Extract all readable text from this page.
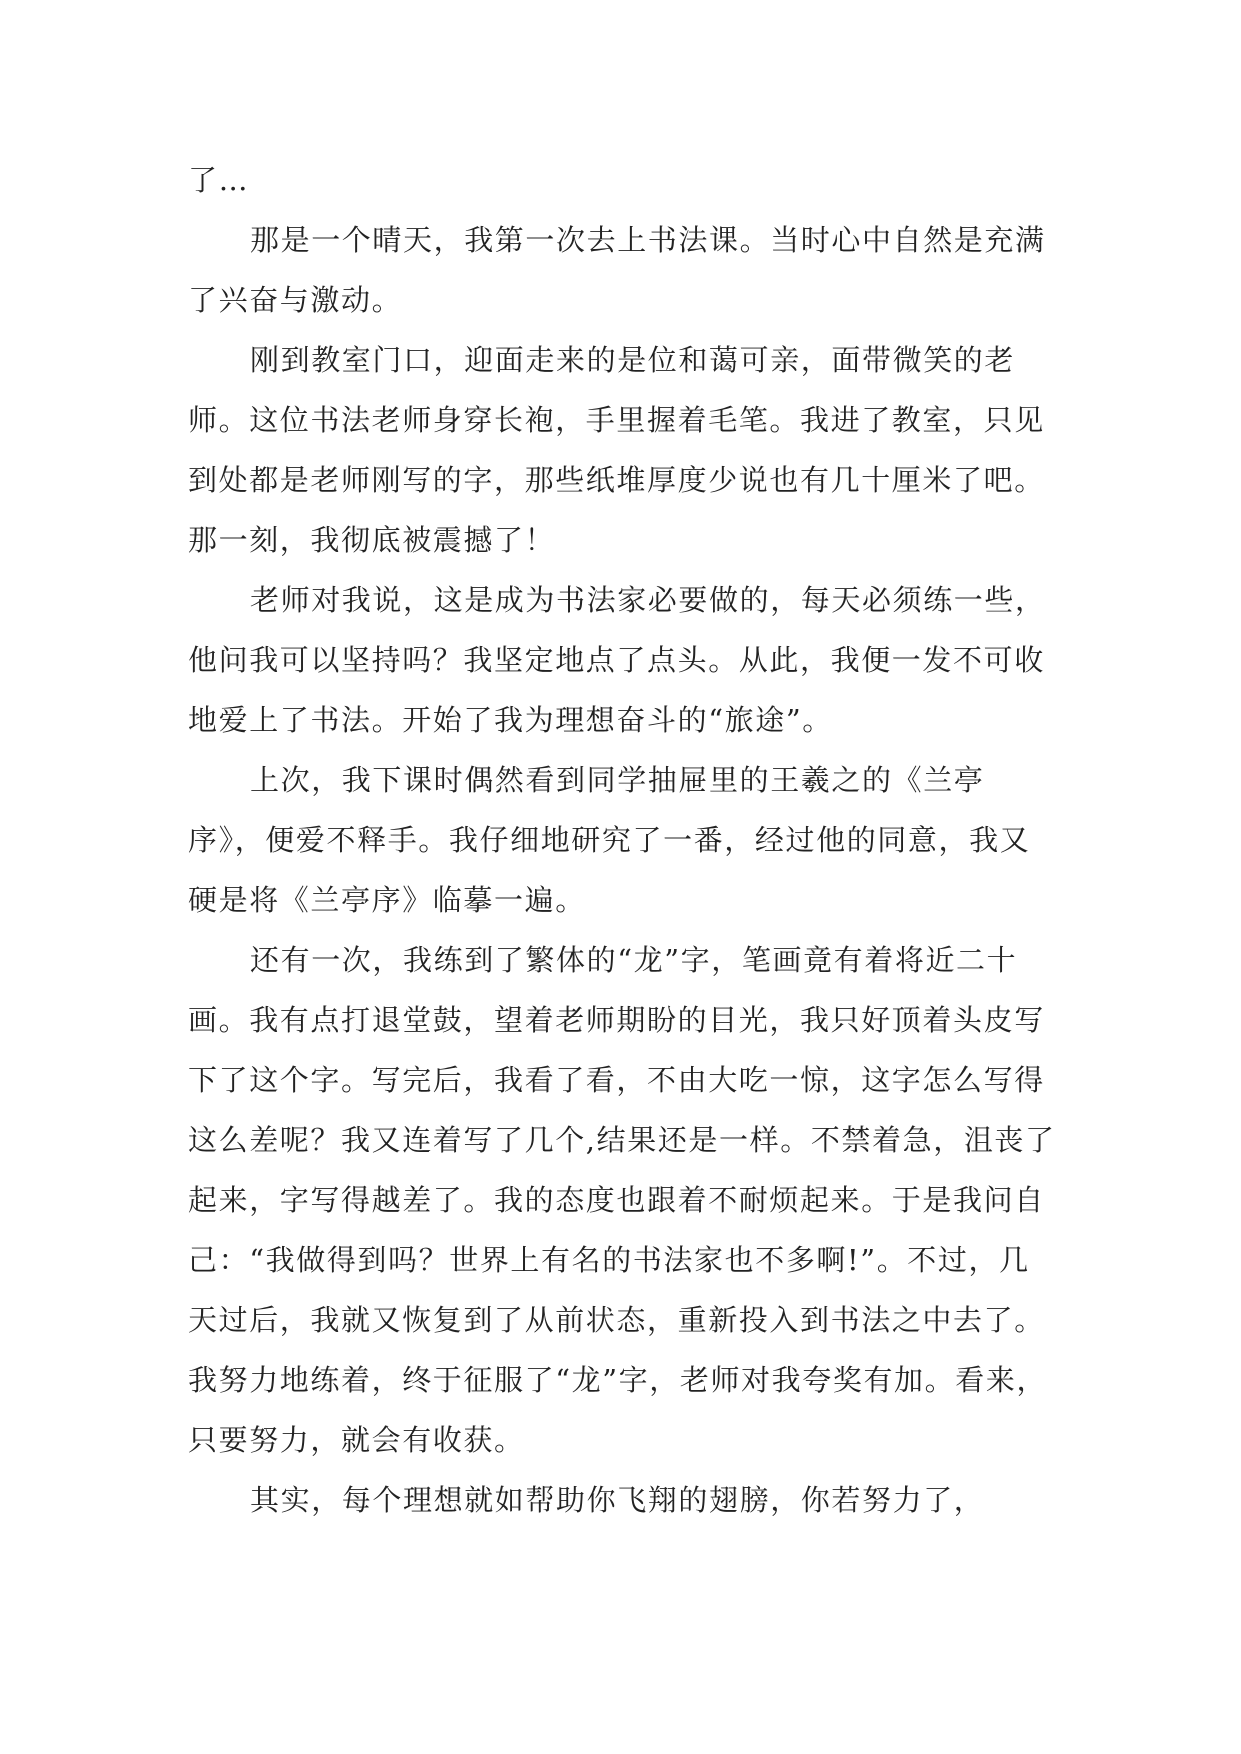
了…

那是一个晴天，我第一次去上书法课。当时心中自然是充满了兴奋与激动。

刚到教室门口，迎面走来的是位和蔼可亲，面带微笑的老师。这位书法老师身穿长袍，手里握着毛笔。我进了教室，只见到处都是老师刚写的字，那些纸堆厚度少说也有几十厘米了吧。那一刻，我彻底被震撼了！

老师对我说，这是成为书法家必要做的，每天必须练一些，他问我可以坚持吗？我坚定地点了点头。从此，我便一发不可收地爱上了书法。开始了我为理想奋斗的“旅途”。

上次，我下课时偶然看到同学抽屉里的王羲之的《兰亭序》，便爱不释手。我仔细地研究了一番，经过他的同意，我又硬是将《兰亭序》临摹一遍。

还有一次，我练到了繁体的“龙”字，笔画竟有着将近二十画。我有点打退堂鼓，望着老师期盼的目光，我只好顶着头皮写下了这个字。写完后，我看了看，不由大吃一惊，这字怎么写得这么差呢？我又连着写了几个,结果还是一样。不禁着急，沮丧了起来，字写得越差了。我的态度也跟着不耐烦起来。于是我问自己：“我做得到吗？世界上有名的书法家也不多啊!”。不过，几天过后，我就又恢复到了从前状态，重新投入到书法之中去了。我努力地练着，终于征服了“龙”字，老师对我夸奖有加。看来，只要努力，就会有收获。

其实，每个理想就如帮助你飞翔的翅膀，你若努力了，
